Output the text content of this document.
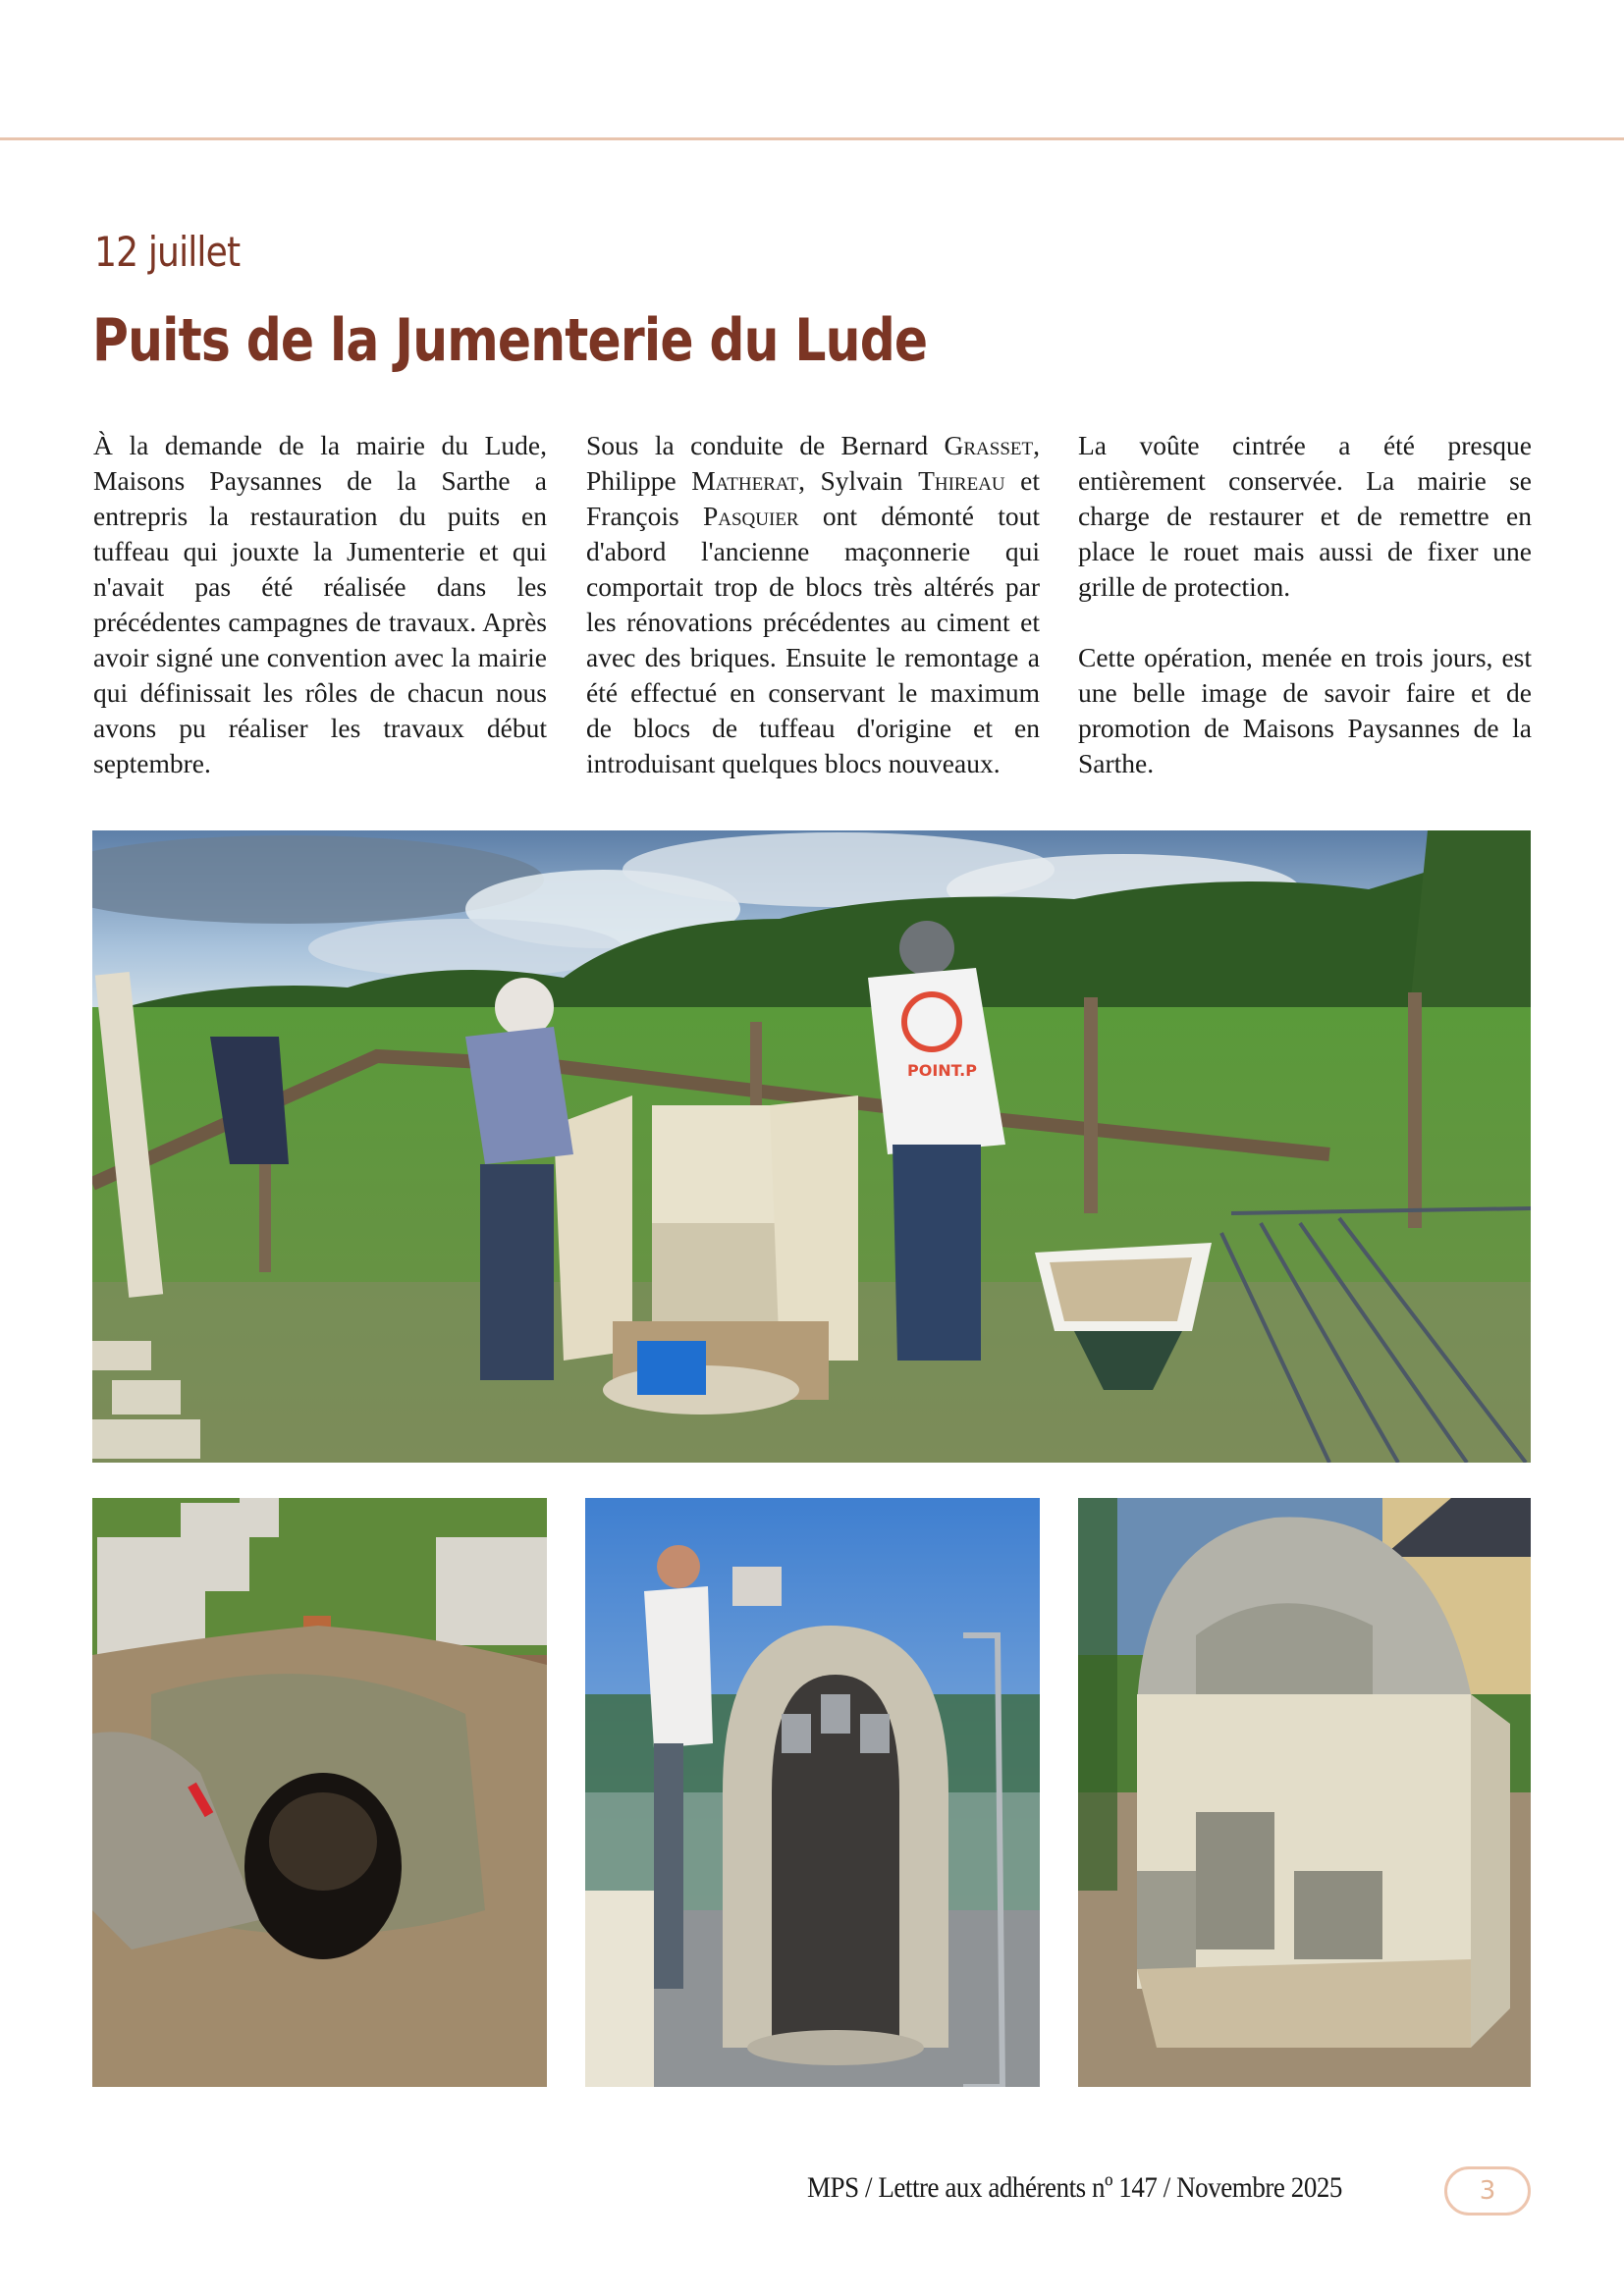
12 juillet
Puits de la Jumenterie du Lude

À la demande de la mairie du Lude, Maisons Paysannes de la Sarthe a entrepris la restauration du puits en tuffeau qui jouxte la Jumenterie et qui n'avait pas été réalisée dans les précédentes campagnes de travaux. Après avoir signé une convention avec la mairie qui définissait les rôles de chacun nous avons pu réaliser les travaux début septembre.

Sous la conduite de Bernard Grasset, Philippe Matherat, Sylvain Thireau et François Pasquier ont démonté tout d'abord l'ancienne maçonnerie qui comportait trop de blocs très altérés par les rénovations précédentes au ciment et avec des briques. Ensuite le remontage a été effectué en conservant le maximum de blocs de tuffeau d'origine et en introduisant quelques blocs nouveaux.

La voûte cintrée a été presque entièrement conservée. La mairie se charge de restaurer et de remettre en place le rouet mais aussi de fixer une grille de protection.

Cette opération, menée en trois jours, est une belle image de savoir faire et de promotion de Maisons Paysannes de la Sarthe.

POINT.P
MPS / Lettre aux adhérents nº 147 / Novembre 2025	3
